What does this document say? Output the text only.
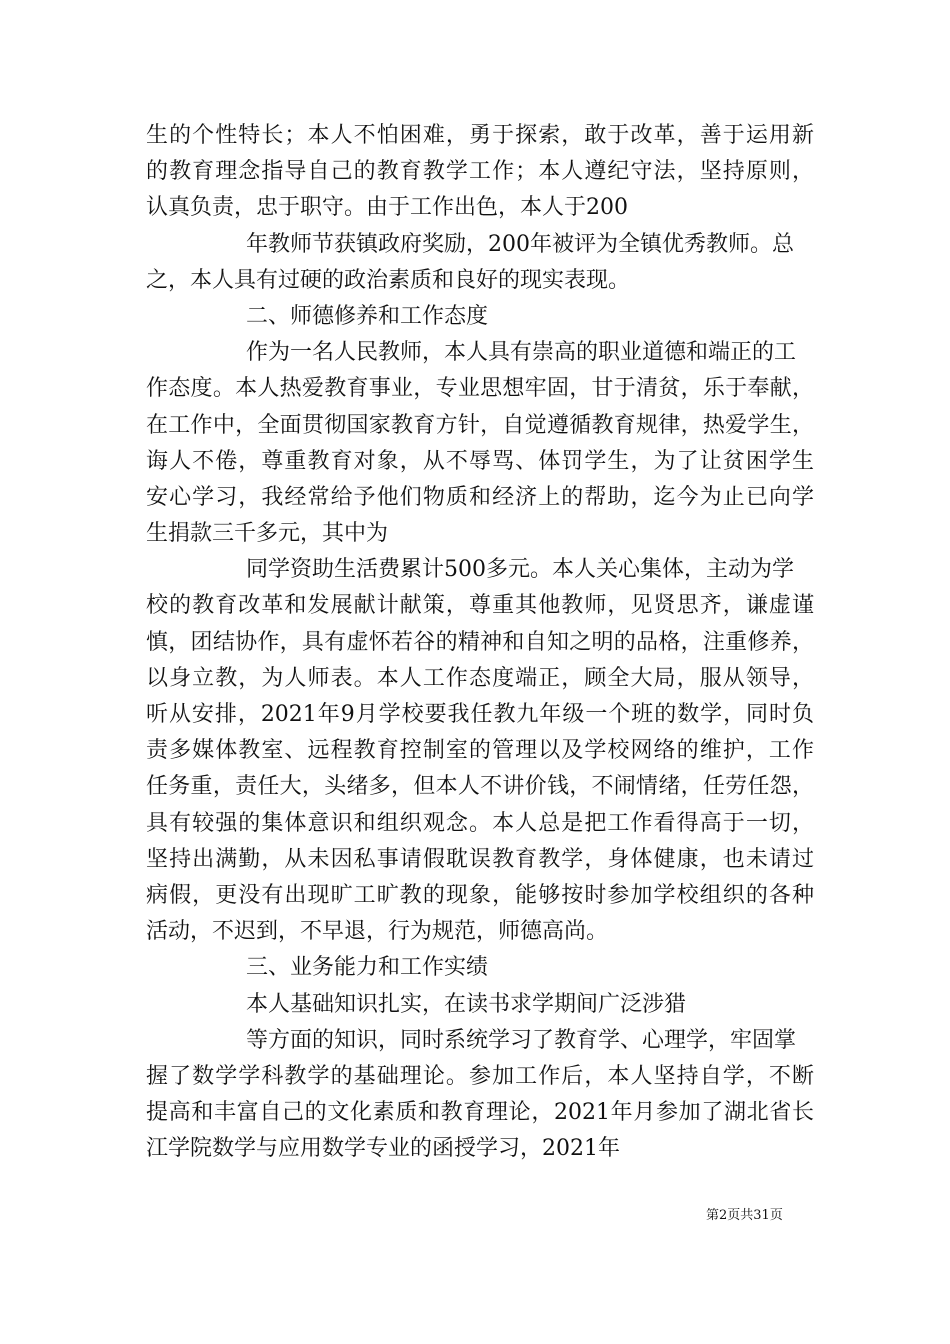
生的个性特长；本人不怕困难，勇于探索，敢于改革，善于运用新
的教育理念指导自己的教育教学工作；本人遵纪守法，坚持原则，
认真负责，忠于职守。由于工作出色，本人于200
年教师节获镇政府奖励，200年被评为全镇优秀教师。总
之，本人具有过硬的政治素质和良好的现实表现。
二、师德修养和工作态度
作为一名人民教师，本人具有崇高的职业道德和端正的工
作态度。本人热爱教育事业，专业思想牢固，甘于清贫，乐于奉献，
在工作中，全面贯彻国家教育方针，自觉遵循教育规律，热爱学生，
诲人不倦，尊重教育对象，从不辱骂、体罚学生，为了让贫困学生
安心学习，我经常给予他们物质和经济上的帮助，迄今为止已向学
生捐款三千多元，其中为
同学资助生活费累计500多元。本人关心集体，主动为学
校的教育改革和发展献计献策，尊重其他教师，见贤思齐，谦虚谨
慎，团结协作，具有虚怀若谷的精神和自知之明的品格，注重修养，
以身立教，为人师表。本人工作态度端正，顾全大局，服从领导，
听从安排，2021年9月学校要我任教九年级一个班的数学，同时负
责多媒体教室、远程教育控制室的管理以及学校网络的维护，工作
任务重，责任大，头绪多，但本人不讲价钱，不闹情绪，任劳任怨，
具有较强的集体意识和组织观念。本人总是把工作看得高于一切，
坚持出满勤，从未因私事请假耽误教育教学，身体健康，也未请过
病假，更没有出现旷工旷教的现象，能够按时参加学校组织的各种
活动，不迟到，不早退，行为规范，师德高尚。
三、业务能力和工作实绩
本人基础知识扎实，在读书求学期间广泛涉猎
等方面的知识，同时系统学习了教育学、心理学，牢固掌
握了数学学科教学的基础理论。参加工作后，本人坚持自学，不断
提高和丰富自己的文化素质和教育理论，2021年月参加了湖北省长
江学院数学与应用数学专业的函授学习，2021年
第2页共31页
